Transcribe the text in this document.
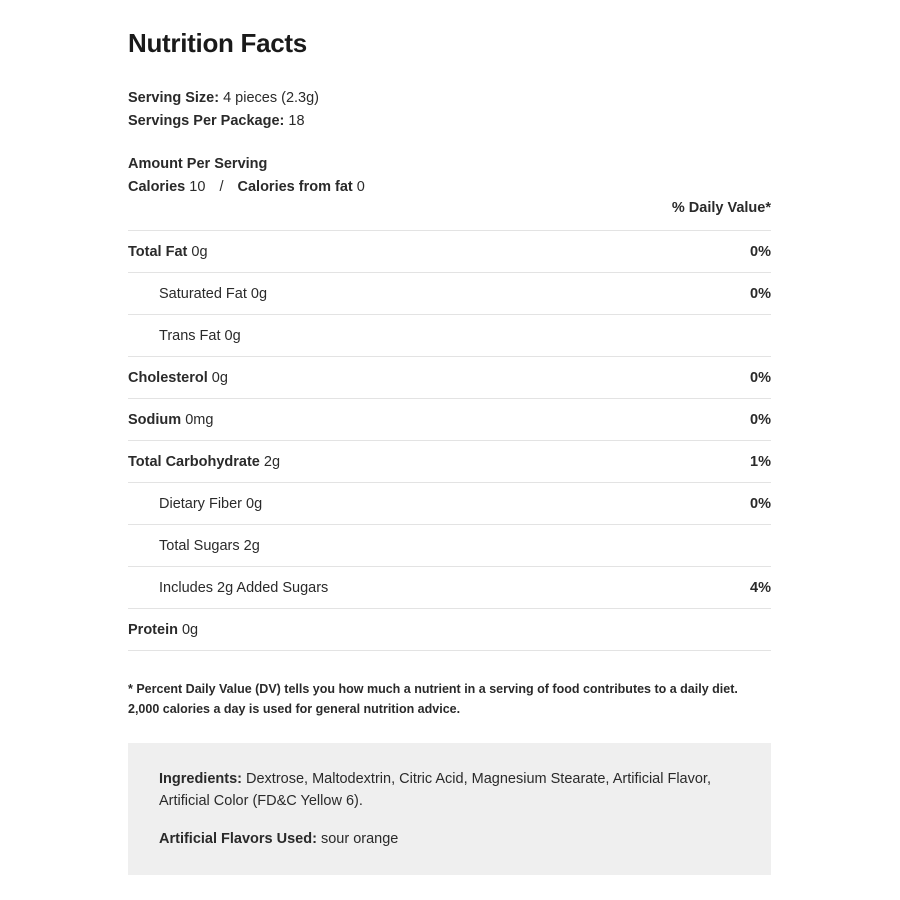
Nutrition Facts
Serving Size: 4 pieces (2.3g)
Servings Per Package: 18
Amount Per Serving
Calories 10 / Calories from fat 0
% Daily Value*
Total Fat 0g	0%
Saturated Fat 0g	0%
Trans Fat 0g
Cholesterol 0g	0%
Sodium 0mg	0%
Total Carbohydrate 2g	1%
Dietary Fiber 0g	0%
Total Sugars 2g
Includes 2g Added Sugars	4%
Protein 0g
* Percent Daily Value (DV) tells you how much a nutrient in a serving of food contributes to a daily diet.
2,000 calories a day is used for general nutrition advice.

Ingredients: Dextrose, Maltodextrin, Citric Acid, Magnesium Stearate, Artificial Flavor, Artificial Color (FD&C Yellow 6).

Artificial Flavors Used: sour orange
